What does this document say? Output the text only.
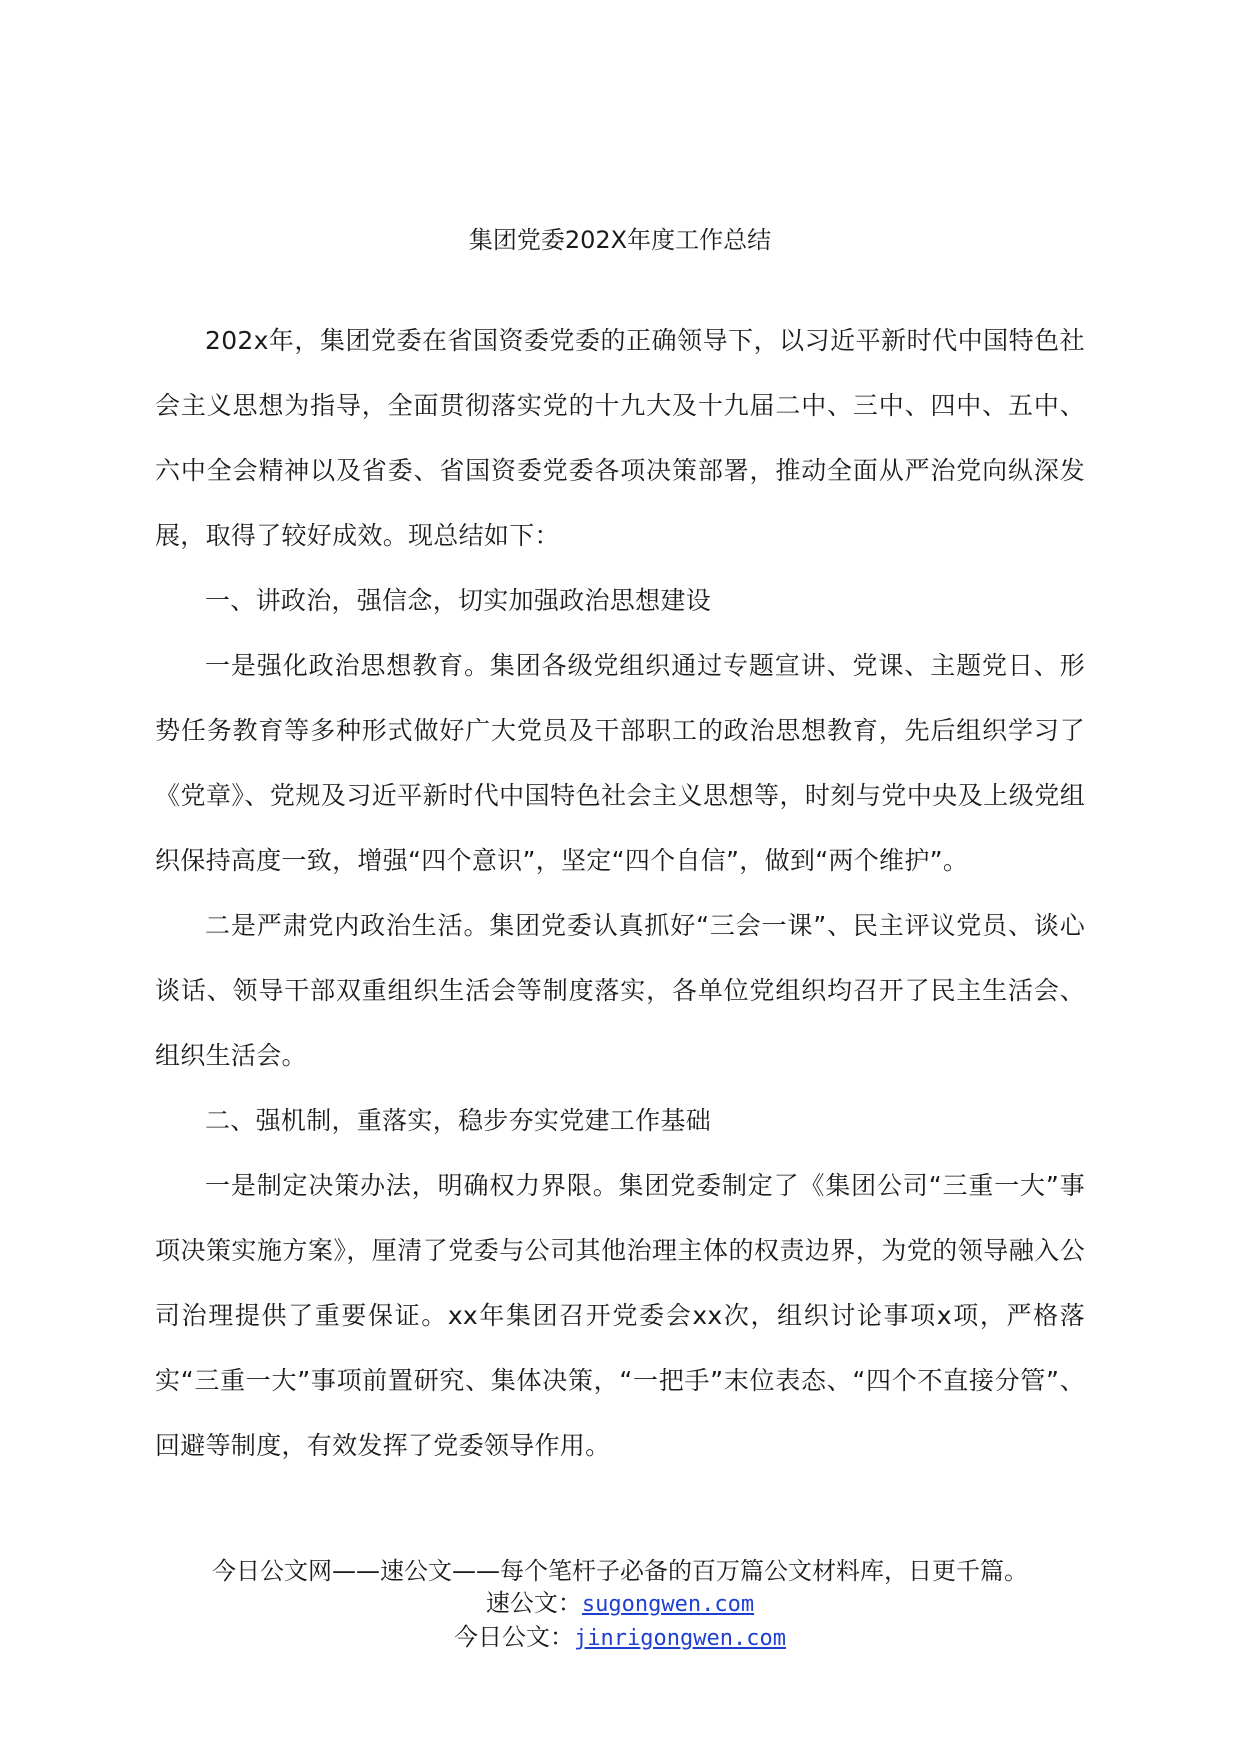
集团党委202X年度工作总结

202x年，集团党委在省国资委党委的正确领导下，以习近平新时代中国特色社会主义思想为指导，全面贯彻落实党的十九大及十九届二中、三中、四中、五中、六中全会精神以及省委、省国资委党委各项决策部署，推动全面从严治党向纵深发展，取得了较好成效。现总结如下：

一、讲政治，强信念，切实加强政治思想建设

一是强化政治思想教育。集团各级党组织通过专题宣讲、党课、主题党日、形势任务教育等多种形式做好广大党员及干部职工的政治思想教育，先后组织学习了《党章》、党规及习近平新时代中国特色社会主义思想等，时刻与党中央及上级党组织保持高度一致，增强“四个意识”，坚定“四个自信”，做到“两个维护”。

二是严肃党内政治生活。集团党委认真抓好“三会一课”、民主评议党员、谈心谈话、领导干部双重组织生活会等制度落实，各单位党组织均召开了民主生活会、组织生活会。

二、强机制，重落实，稳步夯实党建工作基础

一是制定决策办法，明确权力界限。集团党委制定了《集团公司“三重一大”事项决策实施方案》，厘清了党委与公司其他治理主体的权责边界，为党的领导融入公司治理提供了重要保证。xx年集团召开党委会xx次，组织讨论事项x项，严格落实“三重一大”事项前置研究、集体决策，“一把手”末位表态、“四个不直接分管”、回避等制度，有效发挥了党委领导作用。

今日公文网——速公文——每个笔杆子必备的百万篇公文材料库，日更千篇。
速公文：sugongwen.com
今日公文：jinrigongwen.com
